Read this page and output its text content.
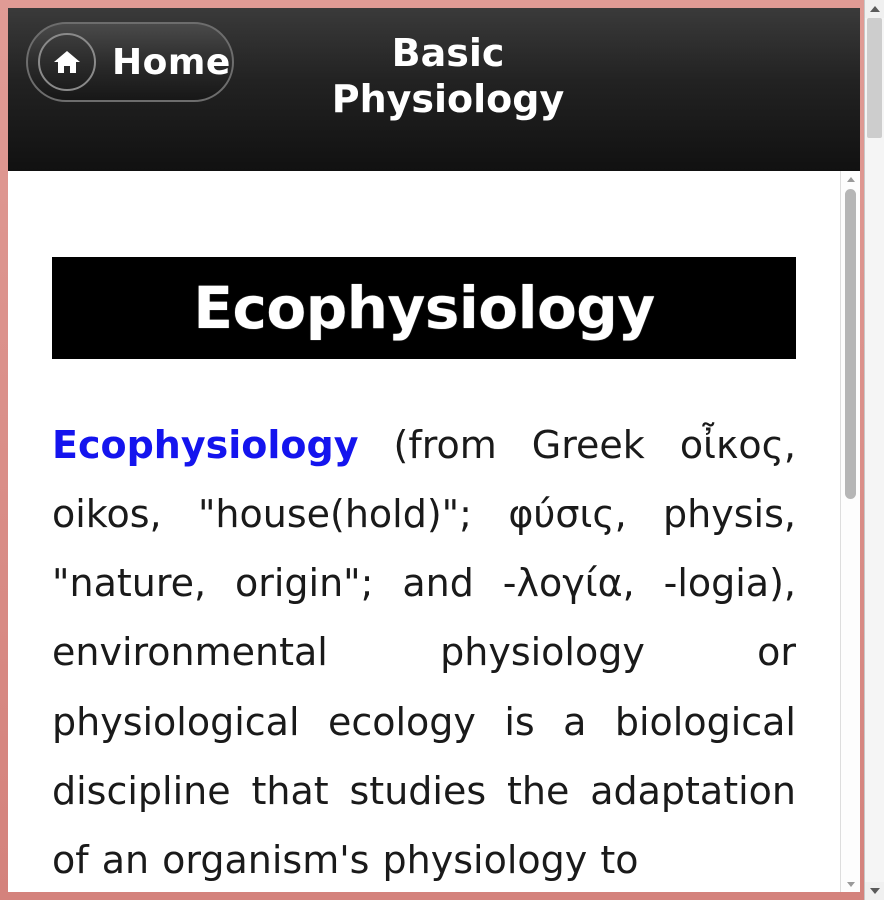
Home	Basic
Physiology
Ecophysiology

Ecophysiology (from Greek οἶκος, oikos, "house(hold)"; φύσις, physis, "nature, origin"; and -λογία, -logia), environmental physiology or physiological ecology is a biological discipline that studies the adaptation of an organism's physiology to
